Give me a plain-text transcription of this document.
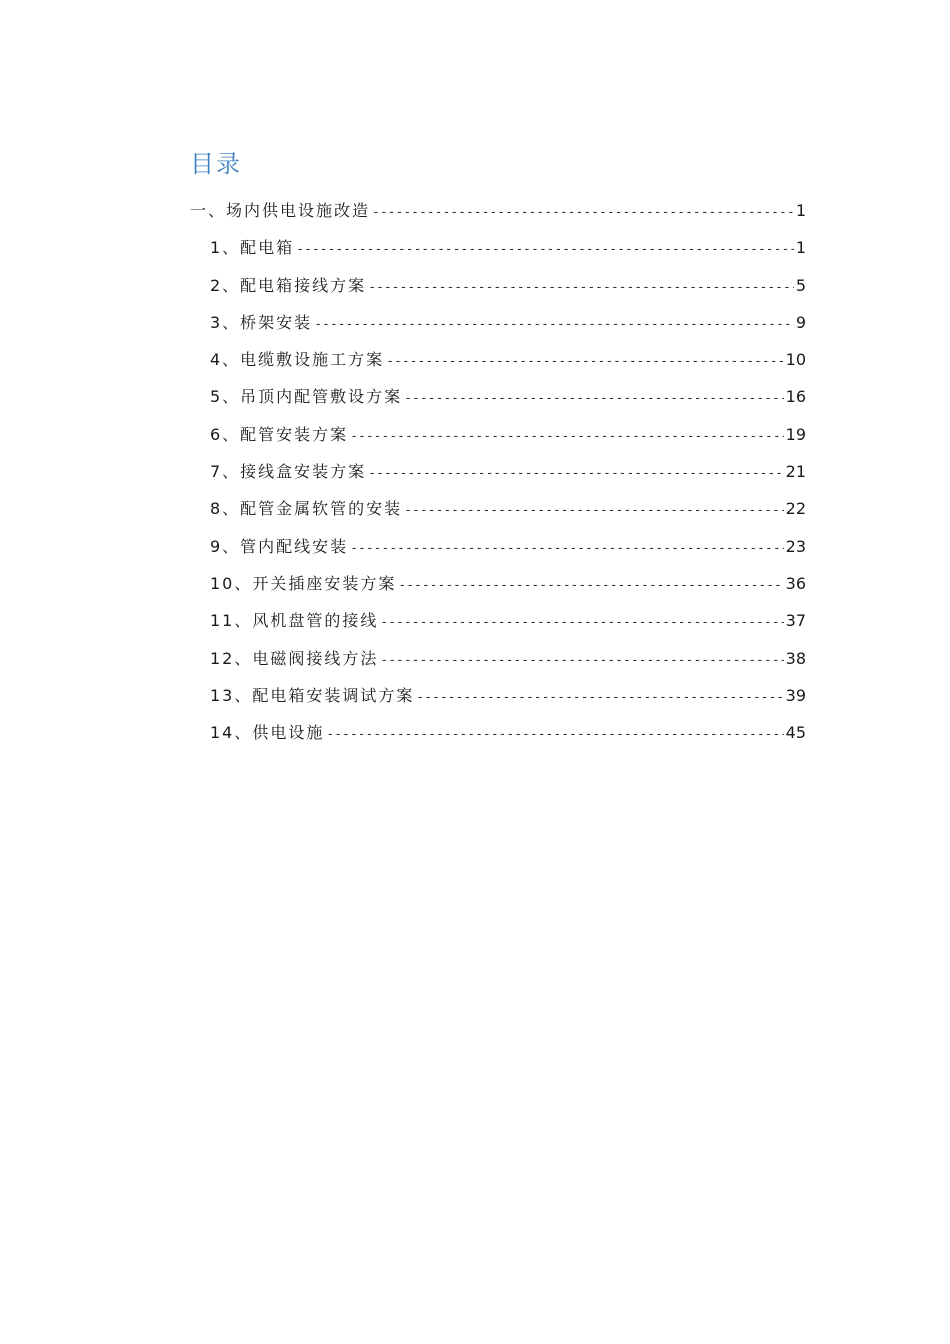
目录
一、场内供电设施改造 -----	1
1、配电箱 -----	1
2、配电箱接线方案 -----	5
3、桥架安装 -----	9
4、电缆敷设施工方案 -----	10
5、吊顶内配管敷设方案 -----	16
6、配管安装方案 -----	19
7、接线盒安装方案 -----	21
8、配管金属软管的安装 -----	22
9、管内配线安装 -----	23
10、开关插座安装方案 -----	36
11、风机盘管的接线 -----	37
12、电磁阀接线方法 -----	38
13、配电箱安装调试方案 -----	39
14、供电设施 -----	45
